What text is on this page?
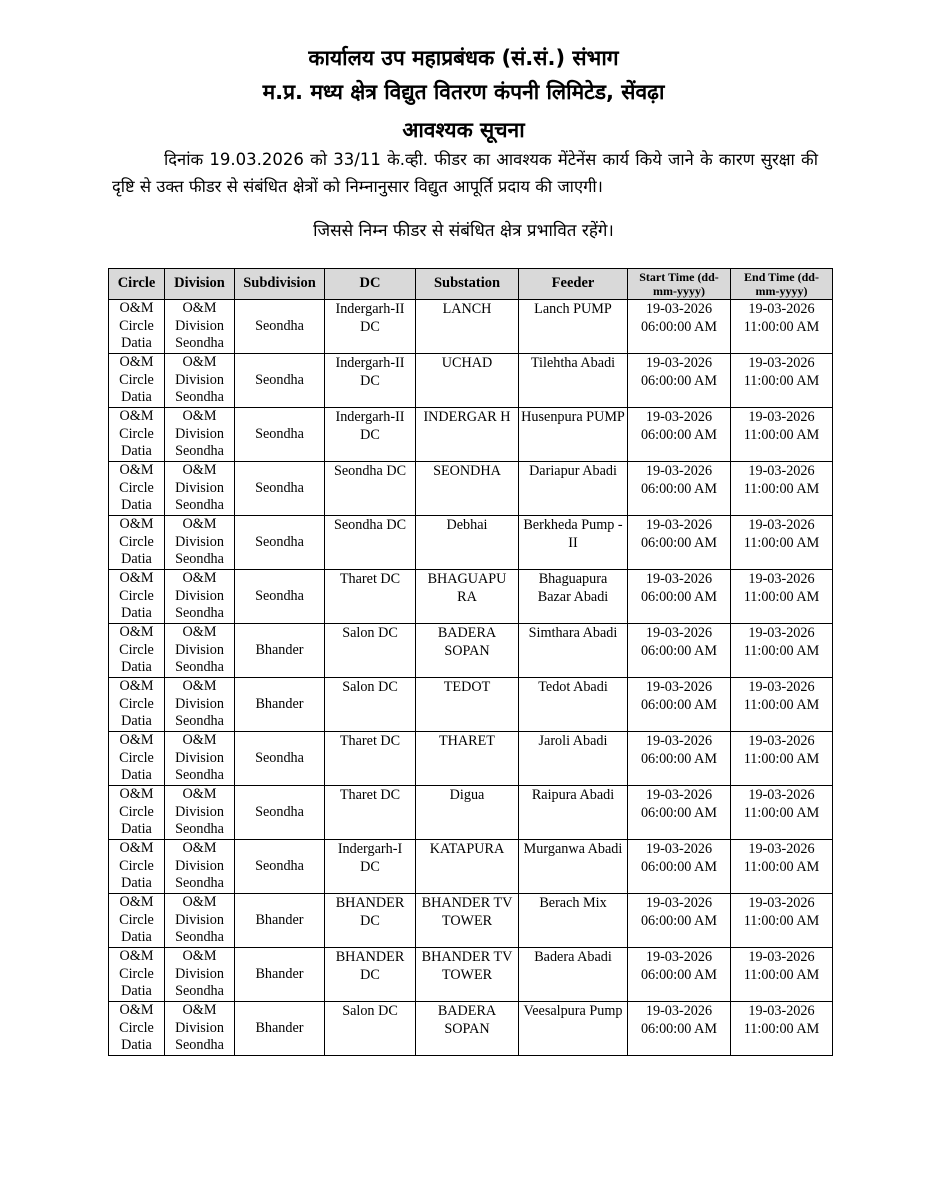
कार्यालय उप महाप्रबंधक (सं.सं.) संभाग
म.प्र. मध्य क्षेत्र विद्युत वितरण कंपनी लिमिटेड, सेंवढ़ा
आवश्यक सूचना
दिनांक 19.03.2026 को 33/11 के.व्ही. फीडर का आवश्यक मेंटेनेंस कार्य किये जाने के कारण सुरक्षा की दृष्टि से उक्त फीडर से संबंधित क्षेत्रों को निम्नानुसार विद्युत आपूर्ति प्रदाय की जाएगी।
जिससे निम्न फीडर से संबंधित क्षेत्र प्रभावित रहेंगे।
Circle	Division	Subdivision	DC	Substation	Feeder	Start Time (dd-mm-yyyy)	End Time (dd-mm-yyyy)
O&M Circle Datia	O&M Division Seondha	Seondha	Indergarh-II DC	LANCH	Lanch PUMP	19-03-2026 06:00:00 AM	19-03-2026 11:00:00 AM
O&M Circle Datia	O&M Division Seondha	Seondha	Indergarh-II DC	UCHAD	Tilehtha Abadi	19-03-2026 06:00:00 AM	19-03-2026 11:00:00 AM
O&M Circle Datia	O&M Division Seondha	Seondha	Indergarh-II DC	INDERGAR H	Husenpura PUMP	19-03-2026 06:00:00 AM	19-03-2026 11:00:00 AM
O&M Circle Datia	O&M Division Seondha	Seondha	Seondha DC	SEONDHA	Dariapur Abadi	19-03-2026 06:00:00 AM	19-03-2026 11:00:00 AM
O&M Circle Datia	O&M Division Seondha	Seondha	Seondha DC	Debhai	Berkheda Pump -II	19-03-2026 06:00:00 AM	19-03-2026 11:00:00 AM
O&M Circle Datia	O&M Division Seondha	Seondha	Tharet DC	BHAGUAPU RA	Bhaguapura Bazar Abadi	19-03-2026 06:00:00 AM	19-03-2026 11:00:00 AM
O&M Circle Datia	O&M Division Seondha	Bhander	Salon DC	BADERA SOPAN	Simthara Abadi	19-03-2026 06:00:00 AM	19-03-2026 11:00:00 AM
O&M Circle Datia	O&M Division Seondha	Bhander	Salon DC	TEDOT	Tedot Abadi	19-03-2026 06:00:00 AM	19-03-2026 11:00:00 AM
O&M Circle Datia	O&M Division Seondha	Seondha	Tharet DC	THARET	Jaroli Abadi	19-03-2026 06:00:00 AM	19-03-2026 11:00:00 AM
O&M Circle Datia	O&M Division Seondha	Seondha	Tharet DC	Digua	Raipura Abadi	19-03-2026 06:00:00 AM	19-03-2026 11:00:00 AM
O&M Circle Datia	O&M Division Seondha	Seondha	Indergarh-I DC	KATAPURA	Murganwa Abadi	19-03-2026 06:00:00 AM	19-03-2026 11:00:00 AM
O&M Circle Datia	O&M Division Seondha	Bhander	BHANDER DC	BHANDER TV TOWER	Berach Mix	19-03-2026 06:00:00 AM	19-03-2026 11:00:00 AM
O&M Circle Datia	O&M Division Seondha	Bhander	BHANDER DC	BHANDER TV TOWER	Badera Abadi	19-03-2026 06:00:00 AM	19-03-2026 11:00:00 AM
O&M Circle Datia	O&M Division Seondha	Bhander	Salon DC	BADERA SOPAN	Veesalpura Pump	19-03-2026 06:00:00 AM	19-03-2026 11:00:00 AM
